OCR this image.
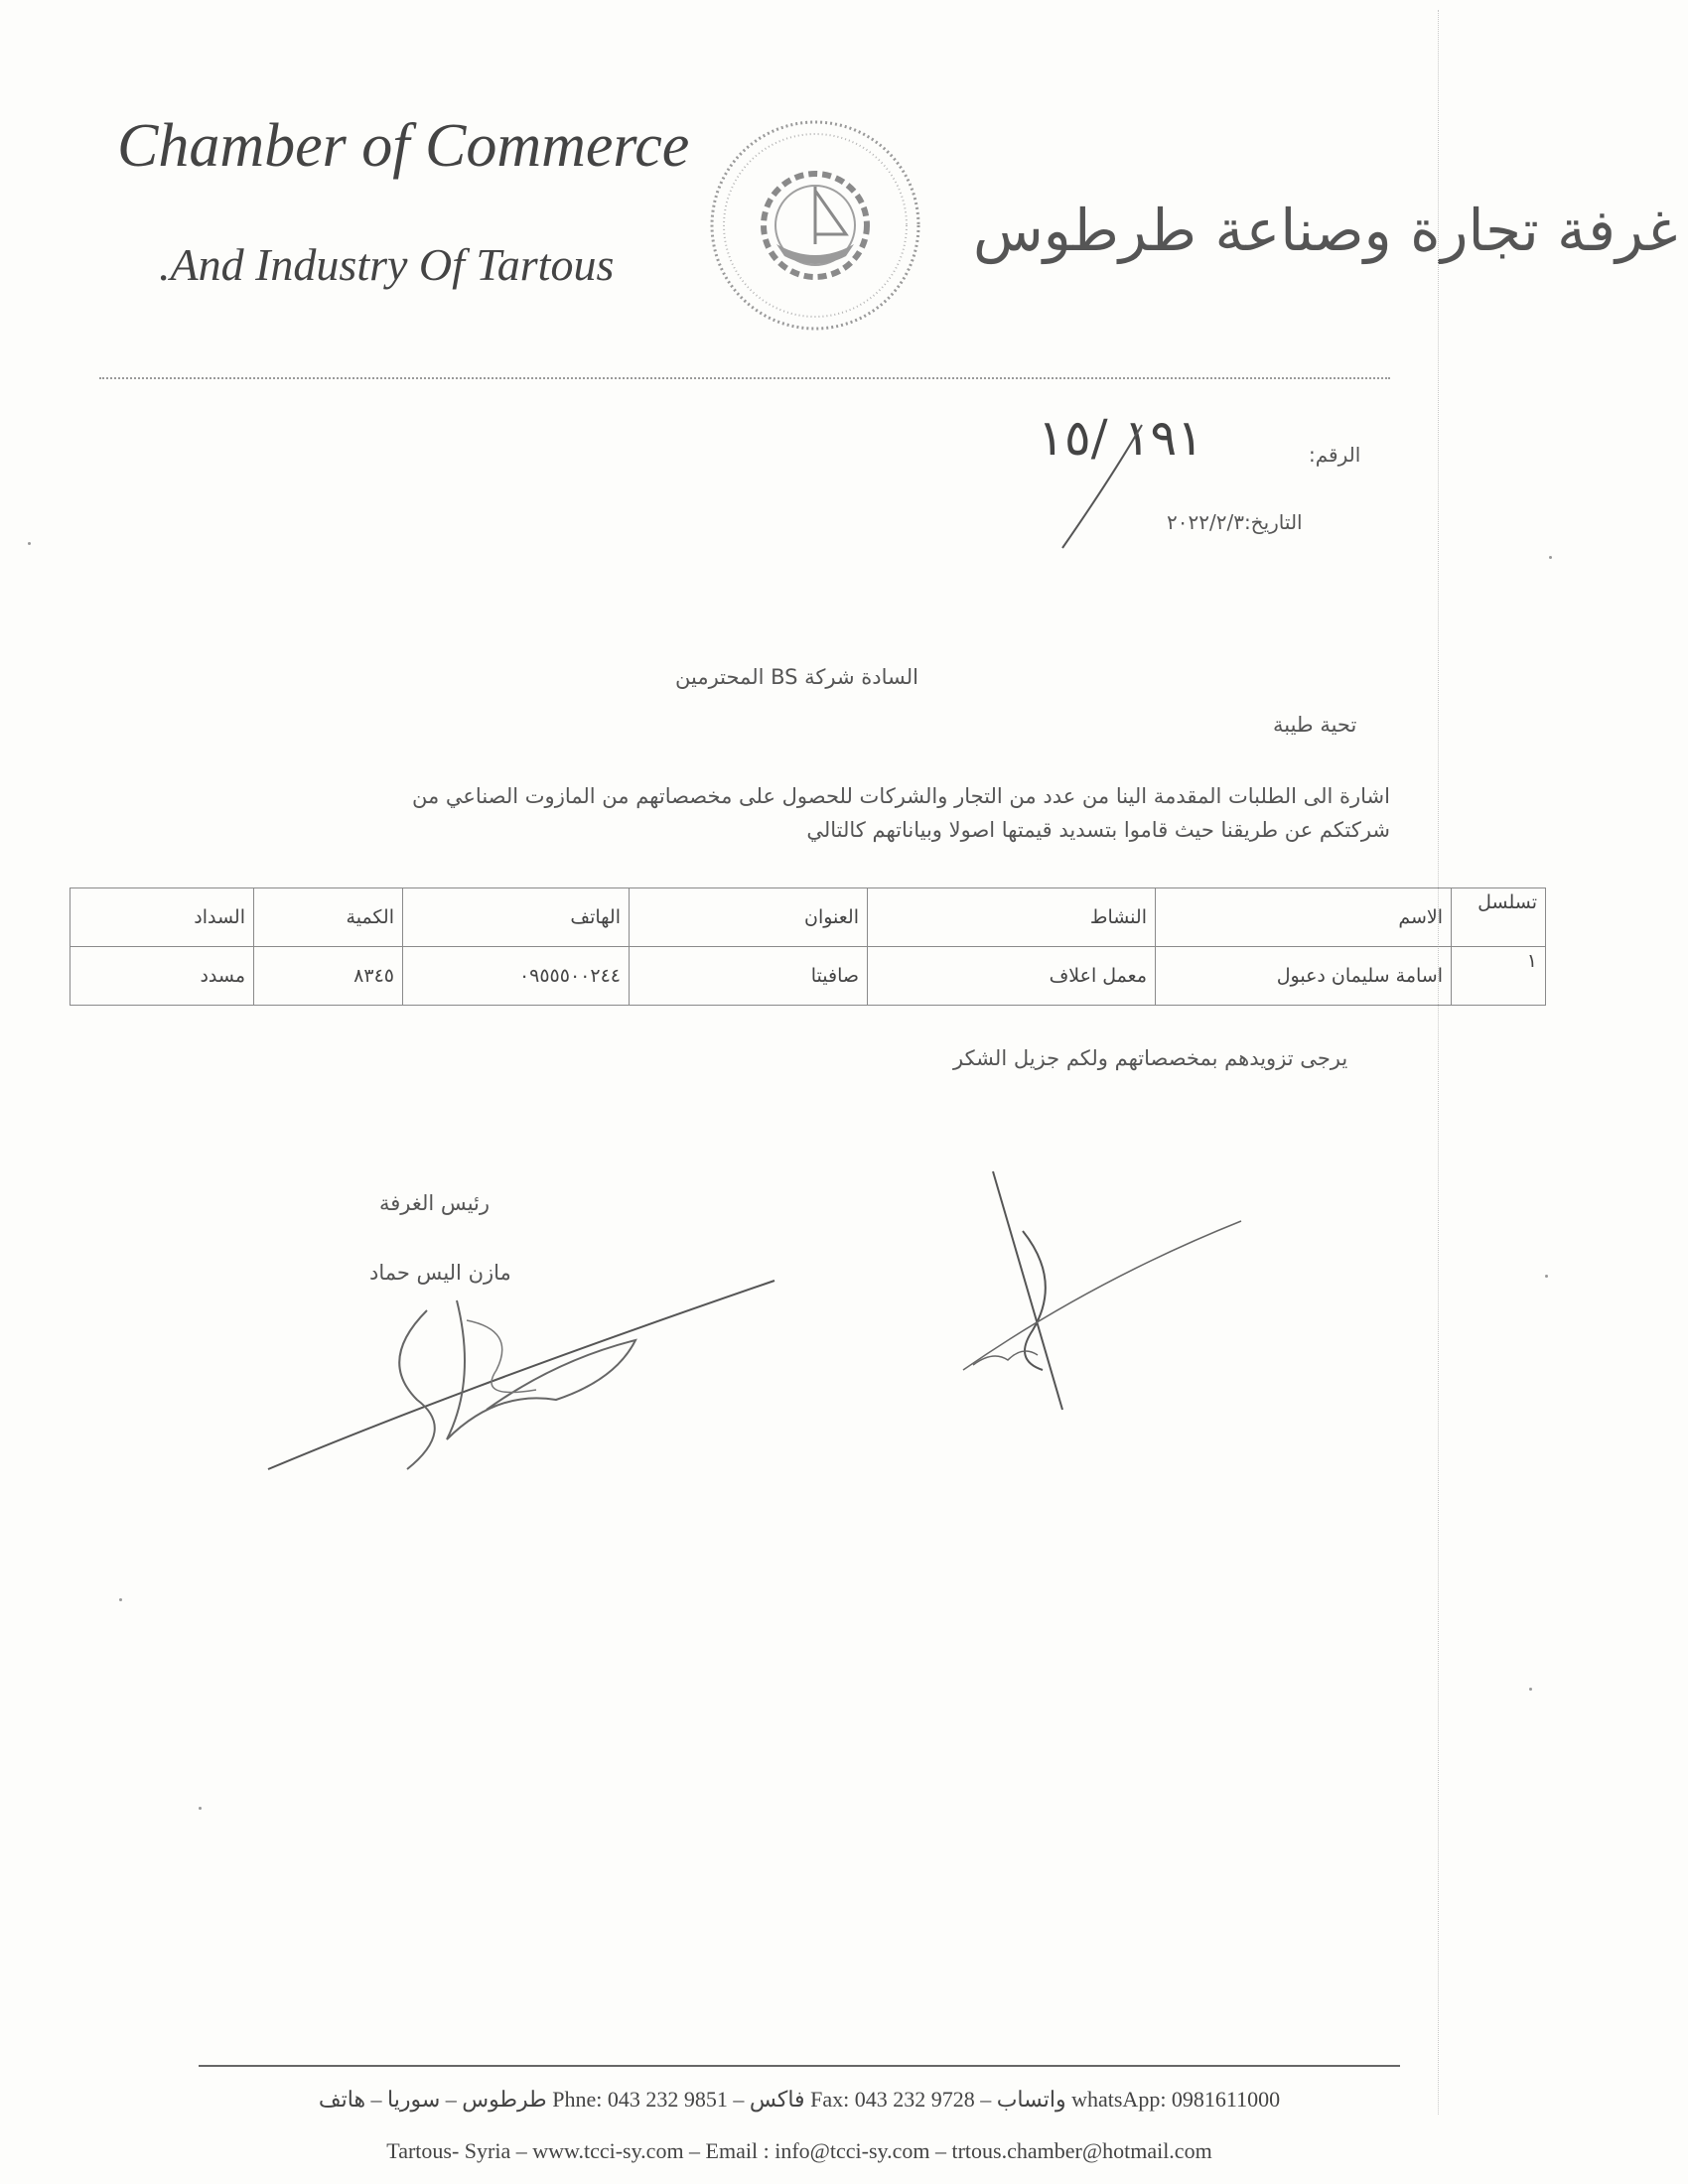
Chamber of Commerce
.And Industry Of Tartous
غرفة تجارة وصناعة طرطوس
الرقم:
١٩١ /١٥
التاريخ:٢٠٢٢/٢/٣
السادة شركة BS المحترمين
تحية طيبة
اشارة الى الطلبات المقدمة الينا من عدد من التجار والشركات للحصول على مخصصاتهم من المازوت الصناعي من
شركتكم عن طريقنا حيث قاموا بتسديد قيمتها اصولا وبياناتهم كالتالي
تسلسل	الاسم	النشاط	العنوان	الهاتف	الكمية	السداد
١	اسامة سليمان دعبول	معمل اعلاف	صافيتا	٠٩٥٥٥٠٠٢٤٤	٨٣٤٥	مسدد
يرجى تزويدهم بمخصصاتهم ولكم جزيل الشكر
رئيس الغرفة
مازن اليس حماد
طرطوس – سوريا – هاتف Phne: 043 232 9851 – فاكس Fax: 043 232 9728 – واتساب whatsApp: 0981611000
Tartous- Syria – www.tcci-sy.com – Email : info@tcci-sy.com – trtous.chamber@hotmail.com
